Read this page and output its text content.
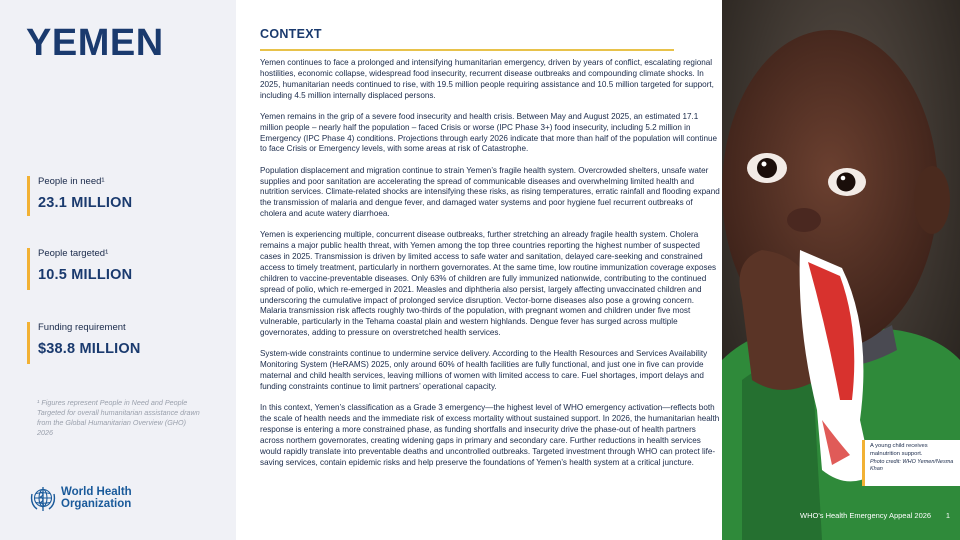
YEMEN
People in need¹
23.1 MILLION
People targeted¹
10.5 MILLION
Funding requirement
$38.8 MILLION
¹ Figures represent People in Need and People Targeted for overall humanitarian assistance drawn from the Global Humanitarian Overview (GHO) 2026
World Health
Organization
CONTEXT

Yemen continues to face a prolonged and intensifying humanitarian emergency, driven by years of conflict, escalating regional hostilities, economic collapse, widespread food insecurity, recurrent disease outbreaks and compounding climate shocks. In 2025, humanitarian needs continued to rise, with 19.5 million people requiring assistance and 10.5 million targeted for support, including 4.5 million internally displaced persons.

Yemen remains in the grip of a severe food insecurity and health crisis. Between May and August 2025, an estimated 17.1 million people – nearly half the population – faced Crisis or worse (IPC Phase 3+) food insecurity, including 5.2 million in Emergency (IPC Phase 4) conditions. Projections through early 2026 indicate that more than half of the population will continue to face Crisis or Emergency levels, with some areas at risk of Catastrophe.

Population displacement and migration continue to strain Yemen’s fragile health system. Overcrowded shelters, unsafe water supplies and poor sanitation are accelerating the spread of communicable diseases and overwhelming limited health and nutrition services. Climate-related shocks are intensifying these risks, as rising temperatures, erratic rainfall and flooding expand the transmission of malaria and dengue fever, and damaged water systems and poor hygiene fuel recurrent outbreaks of cholera and acute watery diarrhoea.

Yemen is experiencing multiple, concurrent disease outbreaks, further stretching an already fragile health system. Cholera remains a major public health threat, with Yemen among the top three countries reporting the highest number of suspected cases in 2025. Transmission is driven by limited access to safe water and sanitation, delayed care-seeking and constrained access to timely treatment, particularly in northern governorates. At the same time, low routine immunization coverage exposes children to vaccine-preventable diseases. Only 63% of children are fully immunized nationwide, contributing to the continued spread of polio, which re-emerged in 2021. Measles and diphtheria also persist, largely affecting unvaccinated children and underscoring the cumulative impact of prolonged service disruption. Vector-borne diseases also pose a growing concern. Malaria transmission risk affects roughly two-thirds of the population, with pregnant women and children under five most vulnerable, particularly in the Tehama coastal plain and western highlands. Dengue fever has surged across multiple governorates, adding to pressure on overstretched health services.

System-wide constraints continue to undermine service delivery. According to the Health Resources and Services Availability Monitoring System (HeRAMS) 2025, only around 60% of health facilities are fully functional, and just one in five can provide maternal and child health services, leaving millions of women with limited access to care. Fuel shortages, import delays and funding constraints continue to limit partners’ operational capacity.

In this context, Yemen’s classification as a Grade 3 emergency—the highest level of WHO emergency activation—reflects both the scale of health needs and the immediate risk of excess mortality without sustained support. In 2026, the humanitarian health response is entering a more constrained phase, as funding shortfalls and insecurity drive the phase-out of health partners across northern governorates, creating widening gaps in primary and secondary care. Further reductions in health services would rapidly translate into preventable deaths and uncontrolled outbreaks. Targeted investment through WHO can protect life-saving services, contain epidemic risks and help preserve the foundations of Yemen’s health system at a critical juncture.

A young child receives malnutrition support.
Photo credit: WHO Yemen/Nesma Khan
WHO's Health Emergency Appeal 2026 1
